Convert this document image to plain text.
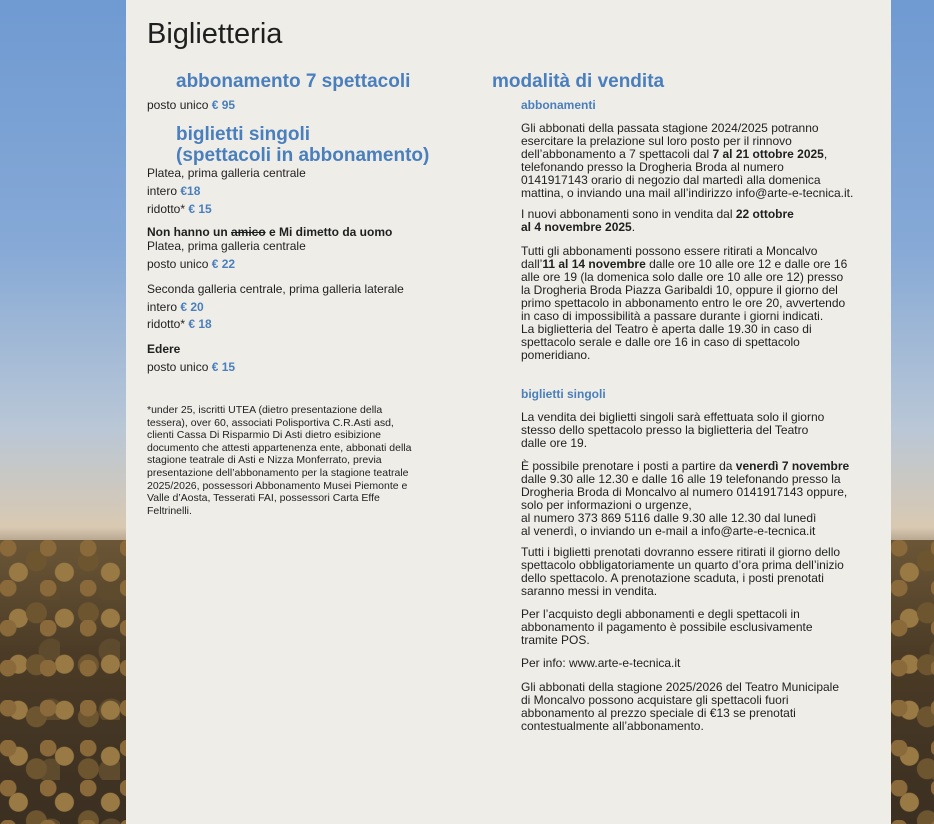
Biglietteria
abbonamento 7 spettacoli
posto unico € 95
biglietti singoli
(spettacoli in abbonamento)
Platea, prima galleria centrale
intero €18
ridotto* € 15
Non hanno un amico e Mi dimetto da uomo
Platea, prima galleria centrale
posto unico € 22
Seconda galleria centrale, prima galleria laterale
intero € 20
ridotto* € 18
Edere
posto unico € 15
*under 25, iscritti UTEA (dietro presentazione della
tessera), over 60, associati Polisportiva C.R.Asti asd,
clienti Cassa Di Risparmio Di Asti dietro esibizione
documento che attesti appartenenza ente, abbonati della
stagione teatrale di Asti e Nizza Monferrato, previa
presentazione dell’abbonamento per la stagione teatrale
2025/2026, possessori Abbonamento Musei Piemonte e
Valle d’Aosta, Tesserati FAI, possessori Carta Effe
Feltrinelli.
modalità di vendita
abbonamenti
Gli abbonati della passata stagione 2024/2025 potranno
esercitare la prelazione sul loro posto per il rinnovo
dell’abbonamento a 7 spettacoli dal 7 al 21 ottobre 2025,
telefonando presso la Drogheria Broda al numero
0141917143 orario di negozio dal martedì alla domenica
mattina, o inviando una mail all’indirizzo info@arte-e-tecnica.it.
I nuovi abbonamenti sono in vendita dal 22 ottobre
al 4 novembre 2025.
Tutti gli abbonamenti possono essere ritirati a Moncalvo
dall’11 al 14 novembre dalle ore 10 alle ore 12 e dalle ore 16
alle ore 19 (la domenica solo dalle ore 10 alle ore 12) presso
la Drogheria Broda Piazza Garibaldi 10, oppure il giorno del
primo spettacolo in abbonamento entro le ore 20, avvertendo
in caso di impossibilità a passare durante i giorni indicati.
La biglietteria del Teatro è aperta dalle 19.30 in caso di
spettacolo serale e dalle ore 16 in caso di spettacolo
pomeridiano.
biglietti singoli
La vendita dei biglietti singoli sarà effettuata solo il giorno
stesso dello spettacolo presso la biglietteria del Teatro
dalle ore 19.
È possibile prenotare i posti a partire da venerdì 7 novembre
dalle 9.30 alle 12.30 e dalle 16 alle 19 telefonando presso la
Drogheria Broda di Moncalvo al numero 0141917143 oppure,
solo per informazioni o urgenze,
al numero 373 869 5116 dalle 9.30 alle 12.30 dal lunedì
al venerdì, o inviando un e-mail a info@arte-e-tecnica.it
Tutti i biglietti prenotati dovranno essere ritirati il giorno dello
spettacolo obbligatoriamente un quarto d’ora prima dell’inizio
dello spettacolo. A prenotazione scaduta, i posti prenotati
saranno messi in vendita.
Per l’acquisto degli abbonamenti e degli spettacoli in
abbonamento il pagamento è possibile esclusivamente
tramite POS.
Per info: www.arte-e-tecnica.it
Gli abbonati della stagione 2025/2026 del Teatro Municipale
di Moncalvo possono acquistare gli spettacoli fuori
abbonamento al prezzo speciale di €13 se prenotati
contestualmente all’abbonamento.
